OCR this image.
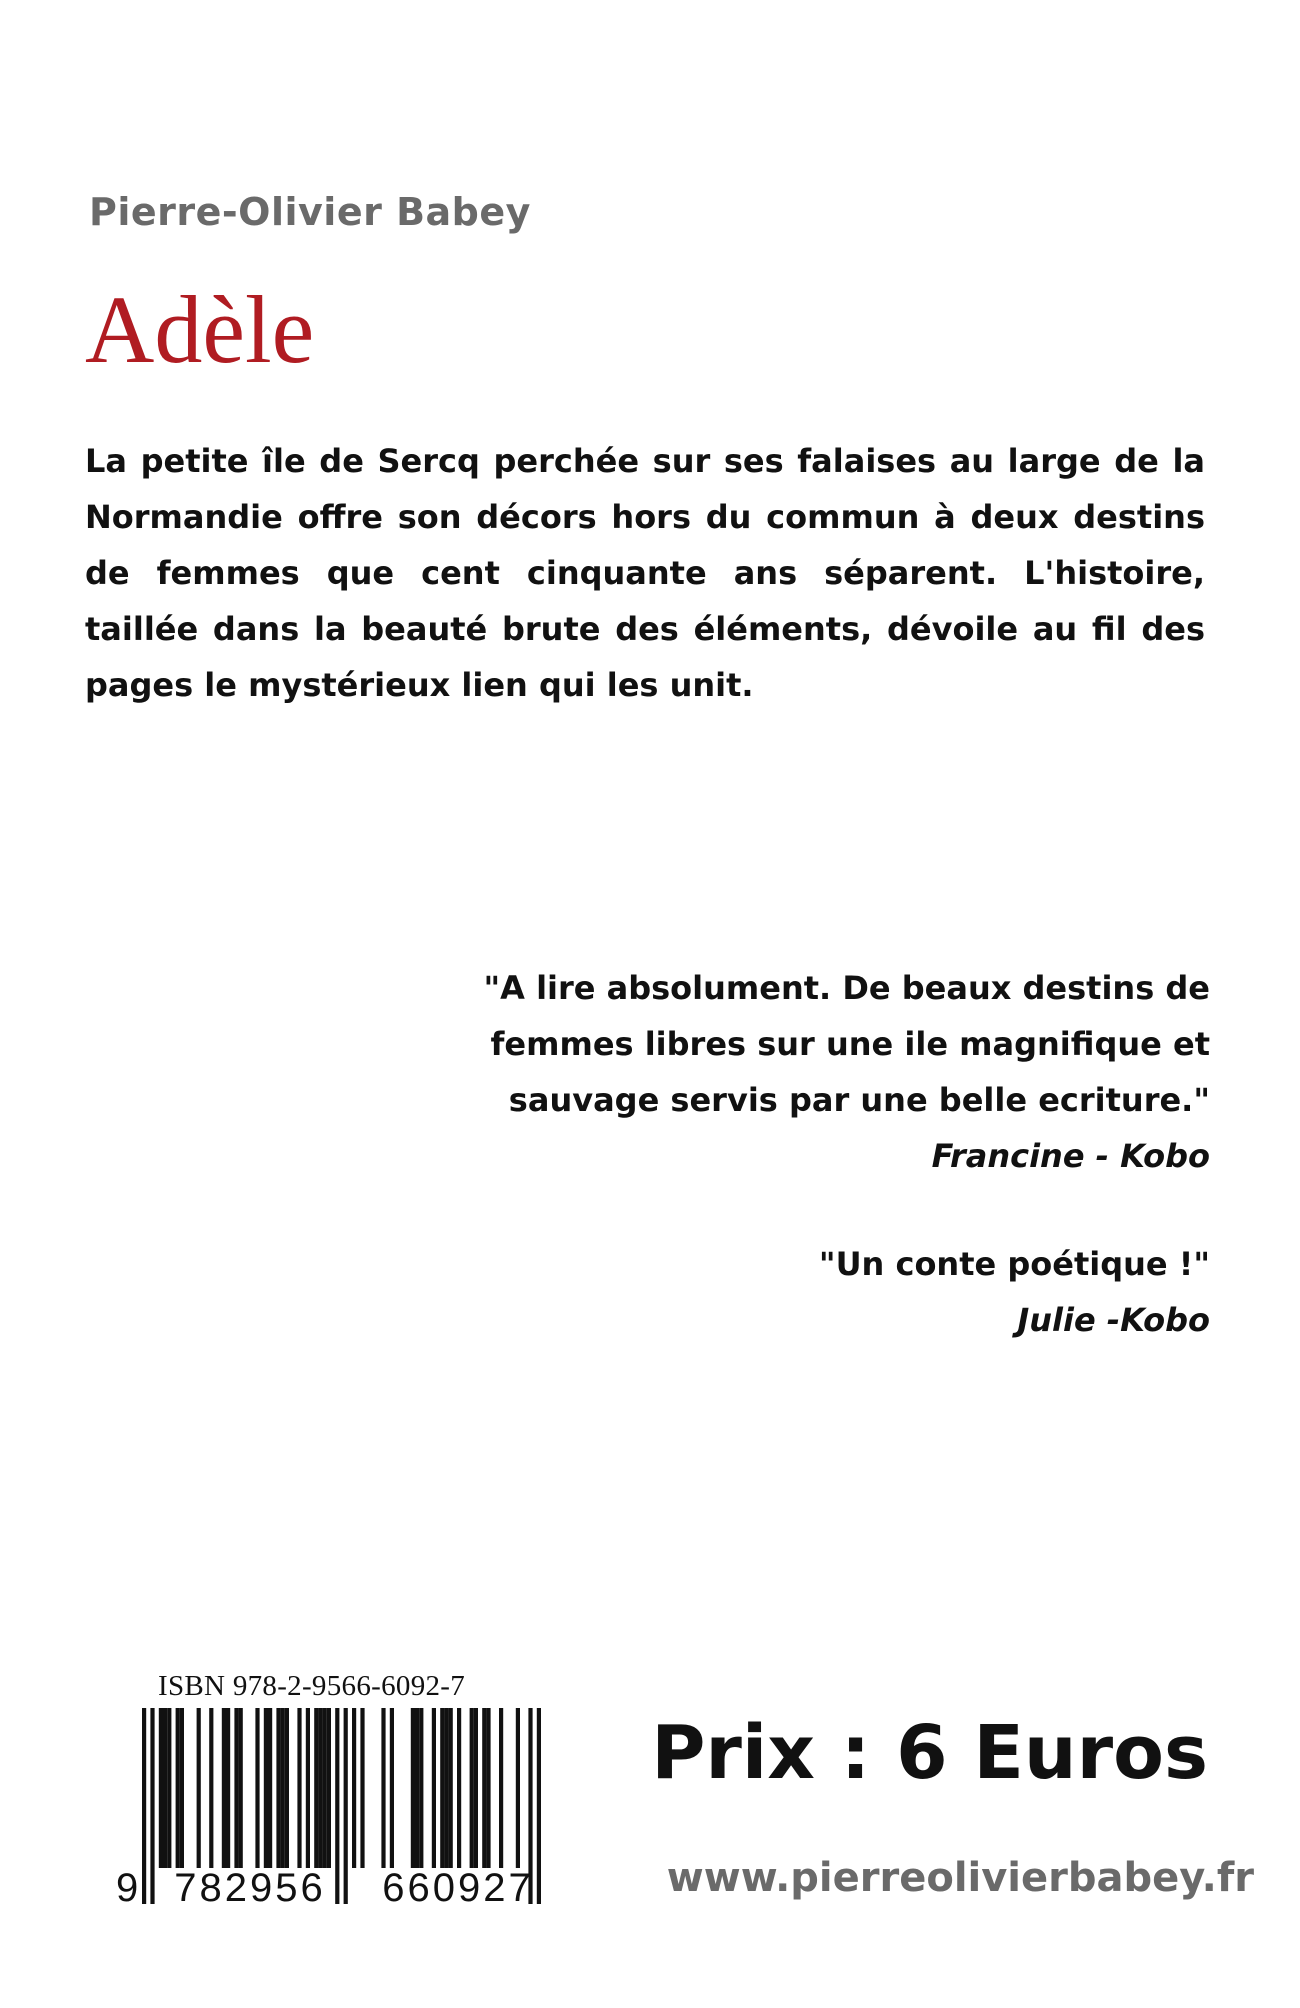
Pierre-Olivier Babey
Adèle
La petite île de Sercq perchée sur ses falaises au large de la Normandie offre son décors hors du commun à deux destins de femmes que cent cinquante ans séparent. L'histoire, taillée dans la beauté brute des éléments, dévoile au fil des pages le mystérieux lien qui les unit.
"A lire absolument. De beaux destins de
femmes libres sur une ile magnifique et
sauvage servis par une belle ecriture."
Francine - Kobo
"Un conte poétique !"
Julie -Kobo
ISBN 978-2-9566-6092-7
9 782956	660927
Prix : 6 Euros
www.pierreolivierbabey.fr
